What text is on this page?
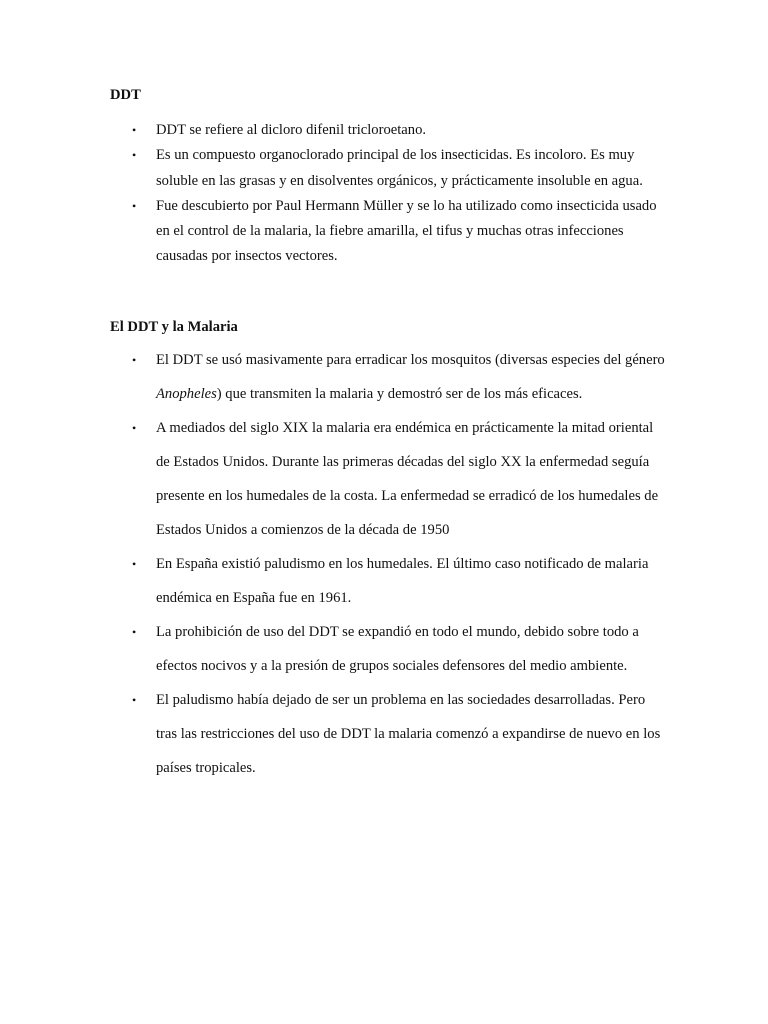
DDT
• DDT se refiere al dicloro difenil tricloroetano.
• Es un compuesto organoclorado principal de los insecticidas. Es incoloro. Es muy soluble en las grasas y en disolventes orgánicos, y prácticamente insoluble en agua.
• Fue descubierto por Paul Hermann Müller y se lo ha utilizado como insecticida usado en el control de la malaria, la fiebre amarilla, el tifus y muchas otras infecciones causadas por insectos vectores.
El DDT y la Malaria
• El DDT se usó masivamente para erradicar los mosquitos (diversas especies del género Anopheles) que transmiten la malaria y demostró ser de los más eficaces.
• A mediados del siglo XIX la malaria era endémica en prácticamente la mitad oriental de Estados Unidos. Durante las primeras décadas del siglo XX la enfermedad seguía presente en los humedales de la costa. La enfermedad se erradicó de los humedales de Estados Unidos a comienzos de la década de 1950
• En España existió paludismo en los humedales. El último caso notificado de malaria endémica en España fue en 1961.
• La prohibición de uso del DDT se expandió en todo el mundo, debido sobre todo a efectos nocivos y a la presión de grupos sociales defensores del medio ambiente.
• El paludismo había dejado de ser un problema en las sociedades desarrolladas. Pero tras las restricciones del uso de DDT la malaria comenzó a expandirse de nuevo en los países tropicales.
